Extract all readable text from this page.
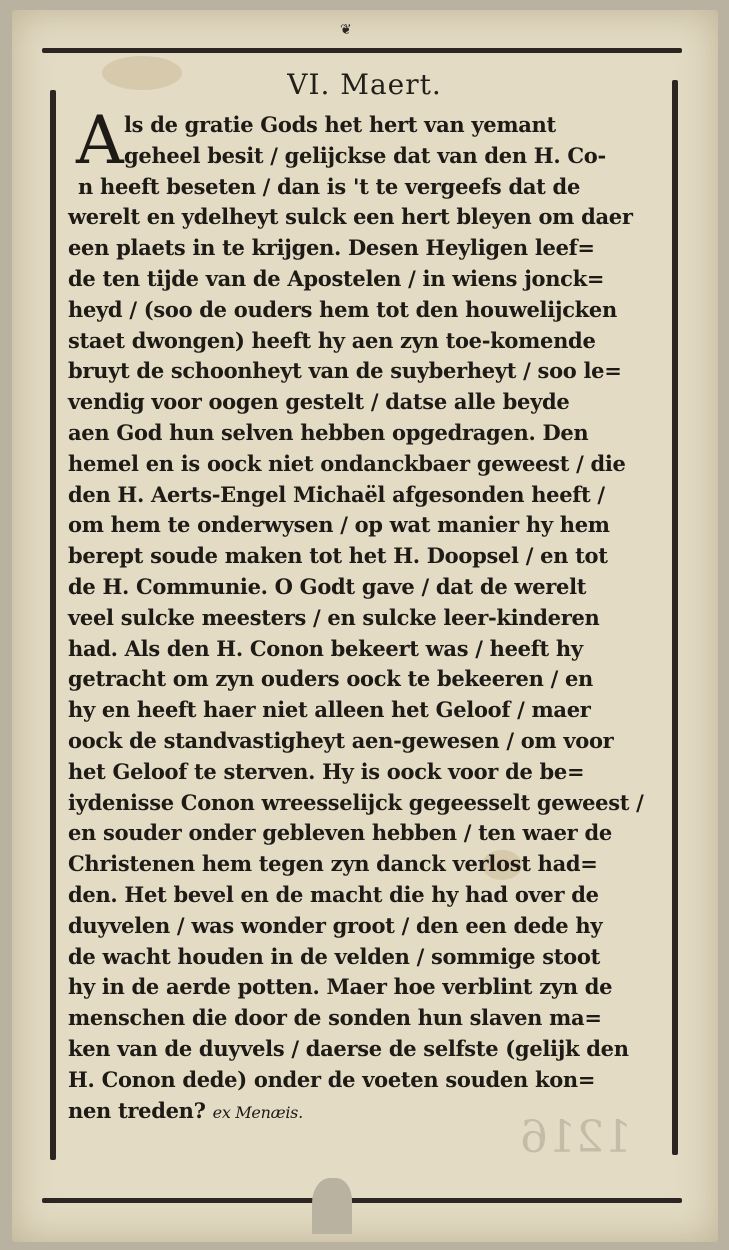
❦
VI. Maert.
A ls de gratie Gods het hert van yemant
geheel besit / gelijckse dat van den H. Co-
n heeft beseten / dan is 't te vergeefs dat de
werelt en ydelheyt sulck een hert bleyen om daer
een plaets in te krijgen. Desen Heyligen leef=
de ten tijde van de Apostelen / in wiens jonck=
heyd / (soo de ouders hem tot den houwelijcken
staet dwongen) heeft hy aen zyn toe-komende
bruyt de schoonheyt van de suyberheyt / soo le=
vendig voor oogen gestelt / datse alle beyde
aen God hun selven hebben opgedragen. Den
hemel en is oock niet ondanckbaer geweest / die
den H. Aerts-Engel Michaël afgesonden heeft /
om hem te onderwysen / op wat manier hy hem
berept soude maken tot het H. Doopsel / en tot
de H. Communie. O Godt gave / dat de werelt
veel sulcke meesters / en sulcke leer-kinderen
had. Als den H. Conon bekeert was / heeft hy
getracht om zyn ouders oock te bekeeren / en
hy en heeft haer niet alleen het Geloof / maer
oock de standvastigheyt aen-gewesen / om voor
het Geloof te sterven. Hy is oock voor de be=
iydenisse Conon wreesselijck gegeesselt geweest /
en souder onder gebleven hebben / ten waer de
Christenen hem tegen zyn danck verlost had=
den. Het bevel en de macht die hy had over de
duyvelen / was wonder groot / den een dede hy
de wacht houden in de velden / sommige stoot
hy in de aerde potten. Maer hoe verblint zyn de
menschen die door de sonden hun slaven ma=
ken van de duyvels / daerse de selfste (gelijk den
H. Conon dede) onder de voeten souden kon=
nen treden? ex Menæis.	1216
